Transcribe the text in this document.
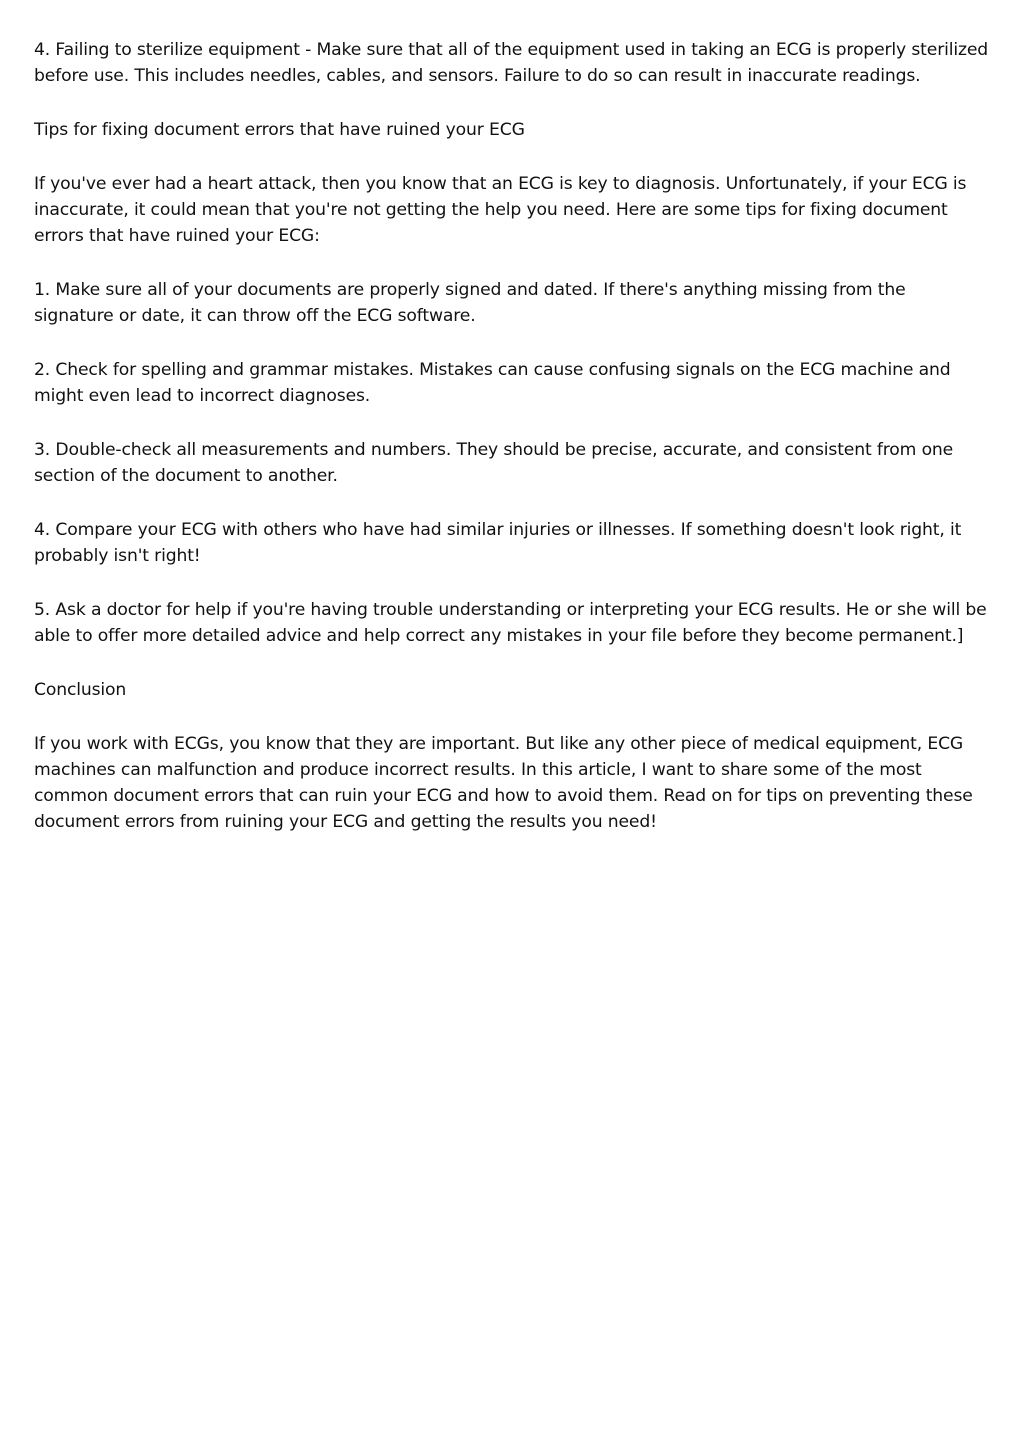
4. Failing to sterilize equipment - Make sure that all of the equipment used in taking an ECG is properly sterilized before use. This includes needles, cables, and sensors. Failure to do so can result in inaccurate readings.

Tips for fixing document errors that have ruined your ECG

If you've ever had a heart attack, then you know that an ECG is key to diagnosis. Unfortunately, if your ECG is inaccurate, it could mean that you're not getting the help you need. Here are some tips for fixing document errors that have ruined your ECG:

1. Make sure all of your documents are properly signed and dated. If there's anything missing from the signature or date, it can throw off the ECG software.

2. Check for spelling and grammar mistakes. Mistakes can cause confusing signals on the ECG machine and might even lead to incorrect diagnoses.

3. Double-check all measurements and numbers. They should be precise, accurate, and consistent from one section of the document to another.

4. Compare your ECG with others who have had similar injuries or illnesses. If something doesn't look right, it probably isn't right!

5. Ask a doctor for help if you're having trouble understanding or interpreting your ECG results. He or she will be able to offer more detailed advice and help correct any mistakes in your file before they become permanent.]

Conclusion

If you work with ECGs, you know that they are important. But like any other piece of medical equipment, ECG machines can malfunction and produce incorrect results. In this article, I want to share some of the most common document errors that can ruin your ECG and how to avoid them. Read on for tips on preventing these document errors from ruining your ECG and getting the results you need!
